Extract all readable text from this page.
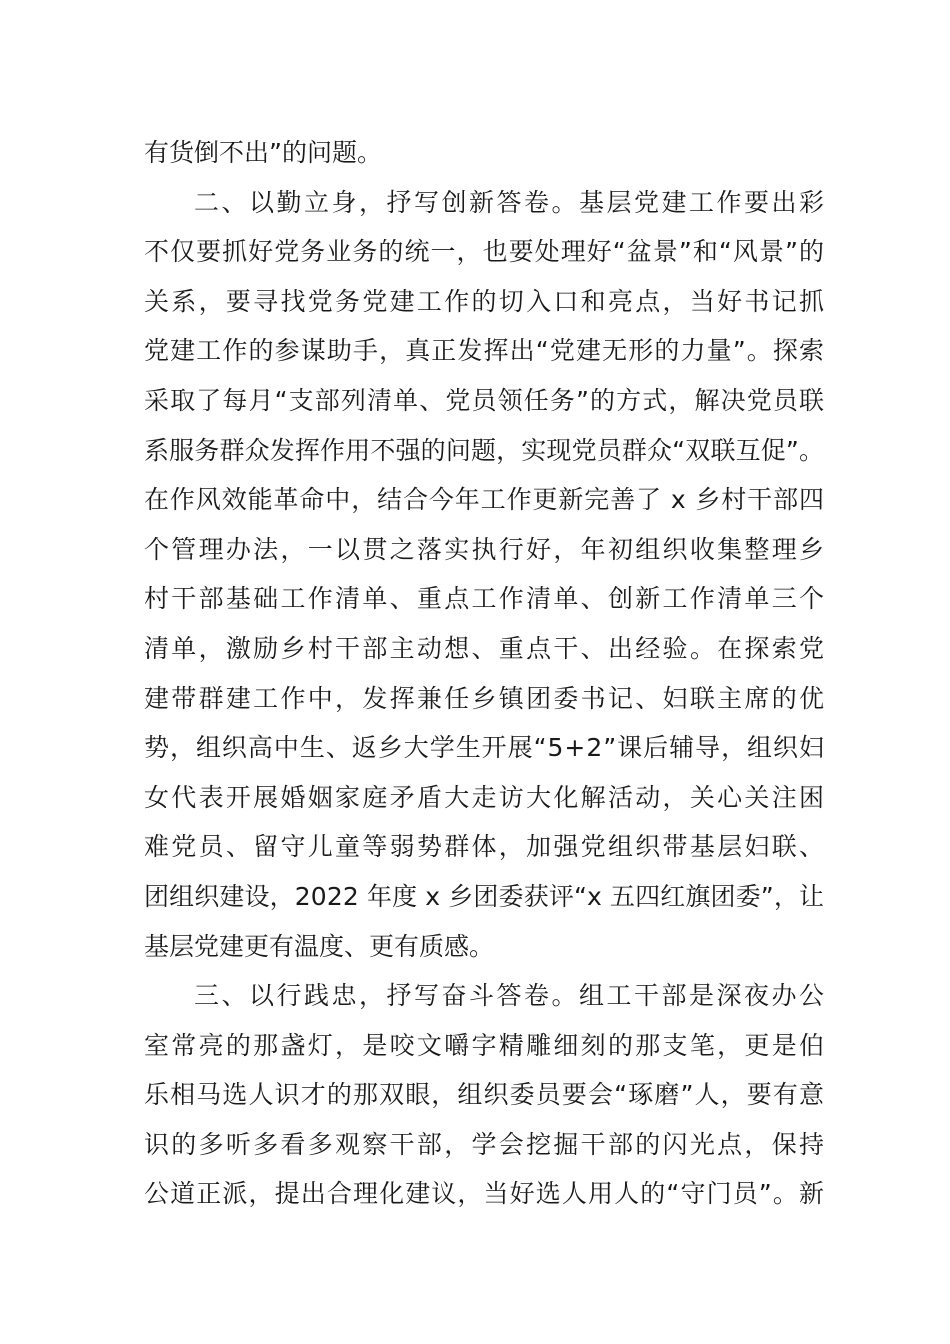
有货倒不出”的问题。
二、以勤立身，抒写创新答卷。基层党建工作要出彩
不仅要抓好党务业务的统一，也要处理好“盆景”和“风景”的
关系，要寻找党务党建工作的切入口和亮点，当好书记抓
党建工作的参谋助手，真正发挥出“党建无形的力量”。探索
采取了每月“支部列清单、党员领任务”的方式，解决党员联
系服务群众发挥作用不强的问题，实现党员群众“双联互促”。
在作风效能革命中，结合今年工作更新完善了 x 乡村干部四
个管理办法，一以贯之落实执行好，年初组织收集整理乡
村干部基础工作清单、重点工作清单、创新工作清单三个
清单，激励乡村干部主动想、重点干、出经验。在探索党
建带群建工作中，发挥兼任乡镇团委书记、妇联主席的优
势，组织高中生、返乡大学生开展“5+2”课后辅导，组织妇
女代表开展婚姻家庭矛盾大走访大化解活动，关心关注困
难党员、留守儿童等弱势群体，加强党组织带基层妇联、
团组织建设，2022 年度 x 乡团委获评“x 五四红旗团委”，让
基层党建更有温度、更有质感。
三、以行践忠，抒写奋斗答卷。组工干部是深夜办公
室常亮的那盏灯，是咬文嚼字精雕细刻的那支笔，更是伯
乐相马选人识才的那双眼，组织委员要会“琢磨”人，要有意
识的多听多看多观察干部，学会挖掘干部的闪光点，保持
公道正派，提出合理化建议，当好选人用人的“守门员”。新
